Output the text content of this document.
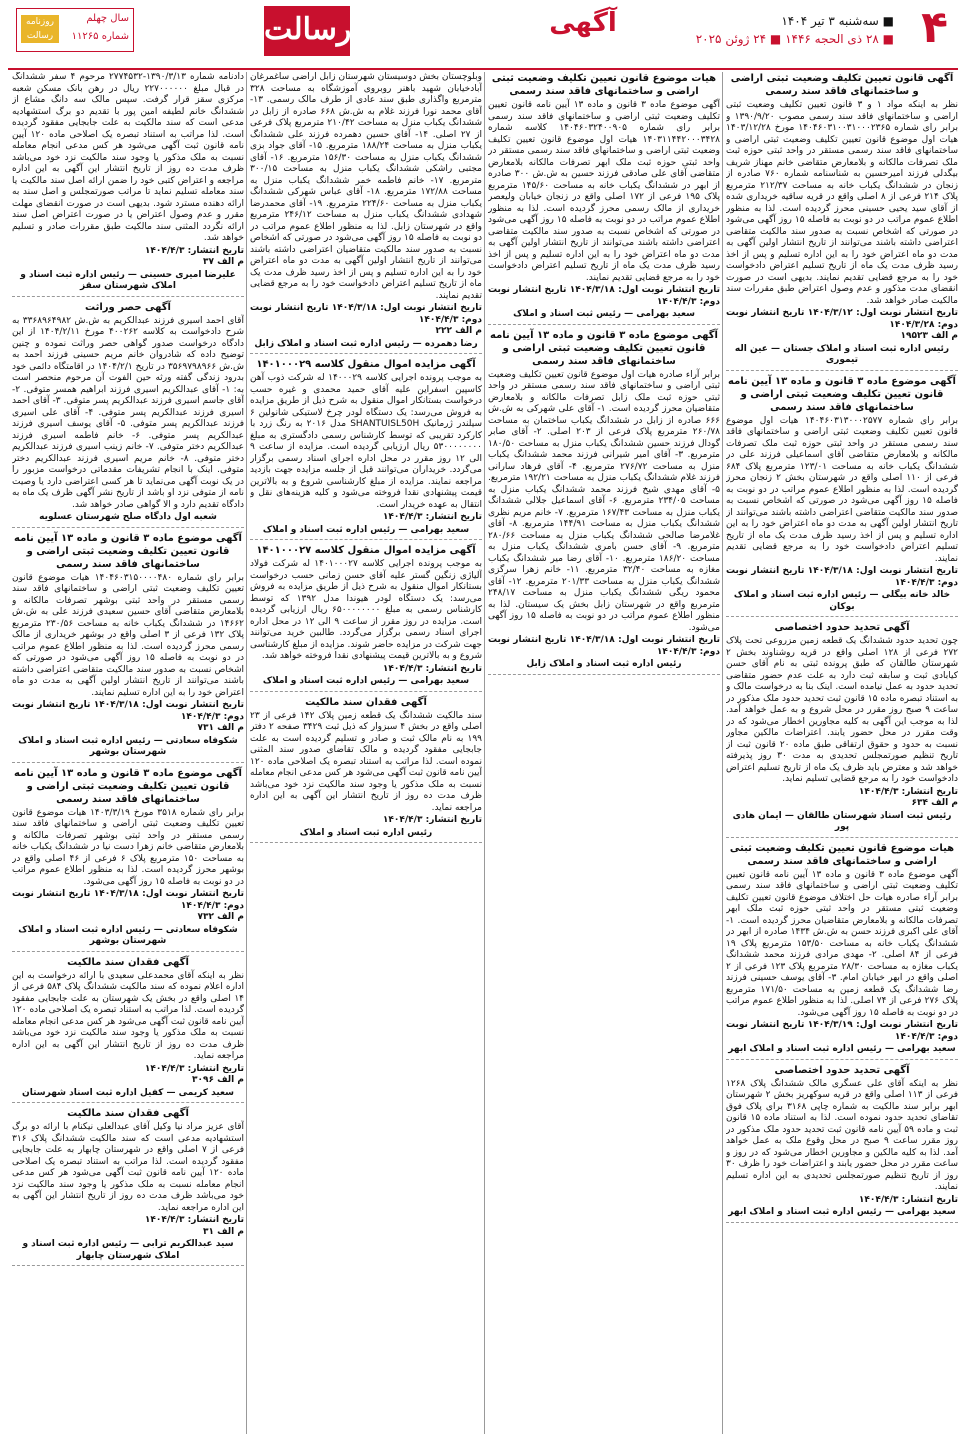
۴
■ سه‌شنبه ۳ تیر ۱۴۰۴
■ ۲۸ ذی الحجه ۱۴۴۶ ■ ۲۴ ژوئن ۲۰۲۵
آگهی
رسالت
روزنامه رسالت
سال چهلم
شماره ۱۱۲۶۵
آگهی قانون تعیین تکلیف وضعیت ثبتی اراضی و ساختمانهای فاقد سند رسمی
نظر به اینکه مواد ۱ و ۳ قانون تعیین تکلیف وضعیت ثبتی اراضی و ساختمانهای فاقد سند رسمی مصوب ۱۳۹۰/۹/۲۰ و برابر رای شماره ۱۴۰۴۶۰۳۱۰۰۳۱۰۰۰۲۳۶۵ مورخ ۱۴۰۳/۱۲/۲۸ هیات اول موضوع قانون تعیین تکلیف وضعیت ثبتی اراضی و ساختمانهای فاقد سند رسمی مستقر در واحد ثبتی حوزه ثبت ملک تصرفات مالکانه و بلامعارض متقاضی خانم مهناز شریف بیگدلی فرزند امیرحسین به شناسنامه شماره ۷۶۰ صادره از زنجان در ششدانگ یکباب خانه به مساحت ۲۱۲/۳۷ مترمربع پلاک ۲۱۴ فرعی از ۸ اصلی واقع در قریه ساقیه خریداری شده از آقای سید یحیی حسینی محرز گردیده است. لذا به منظور اطلاع عموم مراتب در دو نوبت به فاصله ۱۵ روز آگهی می‌شود در صورتی که اشخاص نسبت به صدور سند مالکیت متقاضی اعتراضی داشته باشند می‌توانند از تاریخ انتشار اولین آگهی به مدت دو ماه اعتراض خود را به این اداره تسلیم و پس از اخذ رسید ظرف مدت یک ماه از تاریخ تسلیم اعتراض دادخواست خود را به مرجع قضایی تقدیم نمایند. بدیهی است در صورت انقضای مدت مذکور و عدم وصول اعتراض طبق مقررات سند مالکیت صادر خواهد شد.
تاریخ انتشار نوبت اول: ۱۴۰۴/۳/۱۲ تاریخ انتشار نوبت دوم: ۱۴۰۴/۳/۲۸
م الف ۱۹۵۲۳
رئیس اداره ثبت اسناد و املاک جستان — عین اله تیموری
آگهی موضوع ماده ۳ قانون و ماده ۱۳ آیین نامه قانون تعیین تکلیف وضعیت ثبتی اراضی و ساختمانهای فاقد سند رسمی
برابر رای شماره ۱۴۰۴۶۰۳۱۳۰۰۰۲۵۷۷ هیات اول موضوع قانون تعیین تکلیف وضعیت ثبتی اراضی و ساختمانهای فاقد سند رسمی مستقر در واحد ثبتی حوزه ثبت ملک تصرفات مالکانه و بلامعارض متقاضی آقای اسماعیلی فرزند علی در ششدانگ یکباب خانه به مساحت ۱۲۳/۰۱ مترمربع پلاک ۶۸۴ فرعی از ۱۱۰ اصلی واقع در شهرستان بخش ۲ زنجان محرز گردیده است. لذا به منظور اطلاع عموم مراتب در دو نوبت به فاصله ۱۵ روز آگهی می‌شود در صورتی که اشخاص نسبت به صدور سند مالکیت متقاضی اعتراضی داشته باشند می‌توانند از تاریخ انتشار اولین آگهی به مدت دو ماه اعتراض خود را به این اداره تسلیم و پس از اخذ رسید ظرف مدت یک ماه از تاریخ تسلیم اعتراض دادخواست خود را به مرجع قضایی تقدیم نمایند.
تاریخ انتشار نوبت اول: ۱۴۰۴/۳/۱۸ تاریخ انتشار نوبت دوم: ۱۴۰۴/۴/۳
خالد خانه بیگلی — رئیس اداره ثبت اسناد و املاک بوکان
آگهی تحدید حدود اختصاصی
چون تحدید حدود ششدانگ یک قطعه زمین مزروعی تحت پلاک ۲۷۲ فرعی از ۱۲۸ اصلی واقع در قریه روشناوند بخش ۲ شهرستان طالقان که طبق پرونده ثبتی به نام آقای حسن کیابادی ثبت و سابقه ثبت دارد به علت عدم حضور متقاضی تحدید حدود به عمل نیامده است. اینک بنا به درخواست مالک و به استناد تبصره ماده ۱۵ قانون ثبت تحدید حدود ملک مذکور در ساعت ۹ صبح روز مقرر در محل شروع و به عمل خواهد آمد. لذا به موجب این آگهی به کلیه مجاورین اخطار می‌شود که در وقت مقرر در محل حضور یابند. اعتراضات مالکین مجاور نسبت به حدود و حقوق ارتفاقی طبق ماده ۲۰ قانون ثبت از تاریخ تنظیم صورتمجلس تحدیدی به مدت ۳۰ روز پذیرفته خواهد شد و معترض باید ظرف یک ماه از تاریخ تسلیم اعتراض دادخواست خود را به مرجع قضایی تسلیم نماید.
تاریخ انتشار: ۱۴۰۴/۴/۳
م الف ۶۳۴
رئیس ثبت اسناد شهرستان طالقان — ایمان هادی پور
هیات موضوع قانون تعیین تکلیف وضعیت ثبتی اراضی و ساختمانهای فاقد سند رسمی
آگهی موضوع ماده ۳ قانون و ماده ۱۳ آیین نامه قانون تعیین تکلیف وضعیت ثبتی اراضی و ساختمانهای فاقد سند رسمی برابر آراء صادره هیات حل اختلاف موضوع قانون تعیین تکلیف وضعیت ثبتی مستقر در واحد ثبتی حوزه ثبت ملک ابهر تصرفات مالکانه و بلامعارض متقاضیان محرز گردیده است. ۱- آقای علی اکبری فرزند حسن به ش.ش ۱۴۳۴ صادره از ابهر در ششدانگ یکباب خانه به مساحت ۱۵۳/۵۰ مترمربع پلاک ۱۹ فرعی از ۸۴ اصلی. ۲- مهدی مرادی فرزند محمد ششدانگ یکباب مغازه به مساحت ۲۸/۳۰ مترمربع پلاک ۱۲۳ فرعی از ۲ اصلی واقع در ابهر خیابان امام. ۳- آقای یوسف حسینی فرزند رضا ششدانگ یک قطعه زمین به مساحت ۱۷۱/۵۰ مترمربع پلاک ۲۷۶ فرعی از ۷۴ اصلی. لذا به منظور اطلاع عموم مراتب در دو نوبت به فاصله ۱۵ روز آگهی می‌شود.
تاریخ انتشار نوبت اول: ۱۴۰۴/۳/۱۹ تاریخ انتشار نوبت دوم: ۱۴۰۴/۴/۳
سعید بهرامی — رئیس اداره ثبت اسناد و املاک ابهر
آگهی تحدید حدود اختصاصی
نظر به اینکه آقای علی عسگری مالک ششدانگ پلاک ۱۲۶۸ فرعی از ۱۱۳ اصلی واقع در قریه سوکهریز بخش ۲ شهرستان ابهر برابر سند مالکیت به شماره چاپی ۳۱۶۸ برای پلاک فوق تقاضای تحدید حدود نموده است. لذا به استناد ماده ۱۵ قانون ثبت و ماده ۵۹ آیین نامه قانون ثبت تحدید حدود ملک مذکور در روز مقرر ساعت ۹ صبح در محل وقوع ملک به عمل خواهد آمد. لذا به کلیه مالکین و مجاورین اخطار می‌شود که در روز و ساعت مقرر در محل حضور یابند و اعتراضات خود را ظرف ۳۰ روز از تاریخ تنظیم صورتمجلس تحدیدی به این اداره تسلیم نمایند.
تاریخ انتشار: ۱۴۰۴/۴/۳
سعید بهرامی — رئیس اداره ثبت اسناد و املاک ابهر
هیات موضوع قانون تعیین تکلیف وضعیت ثبتی اراضی و ساختمانهای فاقد سند رسمی
آگهی موضوع ماده ۳ قانون و ماده ۱۳ آیین نامه قانون تعیین تکلیف وضعیت ثبتی اراضی و ساختمانهای فاقد سند رسمی برابر رای شماره ۱۴۰۴۶۰۳۲۴۰۰۹۰۵ کلاسه شماره ۱۴۰۳۱۱۴۴۲۰۰۰۳۴۲۸ هیات اول موضوع قانون تعیین تکلیف وضعیت ثبتی اراضی و ساختمانهای فاقد سند رسمی مستقر در واحد ثبتی حوزه ثبت ملک ابهر تصرفات مالکانه بلامعارض متقاضی آقای علی صادقی فرزند حسین به ش.ش ۳۰۰ صادره از ابهر در ششدانگ یکباب خانه به مساحت ۱۴۵/۶۰ مترمربع پلاک ۱۹۵ فرعی از ۱۷۲ اصلی واقع در زنجان خیابان ولیعصر خریداری از مالک رسمی محرز گردیده است. لذا به منظور اطلاع عموم مراتب در دو نوبت به فاصله ۱۵ روز آگهی می‌شود در صورتی که اشخاص نسبت به صدور سند مالکیت متقاضی اعتراضی داشته باشند می‌توانند از تاریخ انتشار اولین آگهی به مدت دو ماه اعتراض خود را به این اداره تسلیم و پس از اخذ رسید ظرف مدت یک ماه از تاریخ تسلیم اعتراض دادخواست خود را به مرجع قضایی تقدیم نمایند.
تاریخ انتشار نوبت اول: ۱۴۰۴/۳/۱۸ تاریخ انتشار نوبت دوم: ۱۴۰۴/۴/۳
سعید بهرامی — رئیس ثبت اسناد و املاک
آگهی موضوع ماده ۳ قانون و ماده ۱۳ آیین نامه قانون تعیین تکلیف وضعیت ثبتی اراضی و ساختمانهای فاقد سند رسمی
برابر آراء صادره هیات اول موضوع قانون تعیین تکلیف وضعیت ثبتی اراضی و ساختمانهای فاقد سند رسمی مستقر در واحد ثبتی حوزه ثبت ملک زابل تصرفات مالکانه و بلامعارض متقاضیان محرز گردیده است. ۱- آقای علی شهرکی به ش.ش ۶۶۶ صادره از زابل در ششدانگ یکباب ساختمان به مساحت ۲۶۰/۷۸ مترمربع پلاک فرعی از ۲۰۳ اصلی. ۲- آقای صابر گودال فرزند حسین ششدانگ یکباب منزل به مساحت ۱۸۰/۵۰ مترمربع. ۳- آقای امیر شیرانی فرزند محمد ششدانگ یکباب منزل به مساحت ۲۷۶/۷۲ مترمربع. ۴- آقای فرهاد سارانی فرزند غلام ششدانگ یکباب منزل به مساحت ۱۹۲/۲۱ مترمربع. ۵- آقای مهدی شیخ فرزند محمد ششدانگ یکباب منزل به مساحت ۲۳۴/۰۵ مترمربع. ۶- آقای اسماعیل جلالی ششدانگ یکباب منزل به مساحت ۱۶۷/۴۳ مترمربع. ۷- خانم مریم نظری ششدانگ یکباب منزل به مساحت ۱۴۴/۹۱ مترمربع. ۸- آقای غلامرضا صالحی ششدانگ یکباب منزل به مساحت ۲۸۰/۶۶ مترمربع. ۹- آقای حسن بامری ششدانگ یکباب منزل به مساحت ۱۸۶/۲۰ مترمربع. ۱۰- آقای رضا میر ششدانگ یکباب مغازه به مساحت ۳۲/۴۰ مترمربع. ۱۱- خانم زهرا سرگزی ششدانگ یکباب منزل به مساحت ۲۰۱/۳۳ مترمربع. ۱۲- آقای محمود ریگی ششدانگ یکباب منزل به مساحت ۲۴۸/۱۷ مترمربع واقع در شهرستان زابل بخش یک سیستان. لذا به منظور اطلاع عموم مراتب در دو نوبت به فاصله ۱۵ روز آگهی می‌شود.
تاریخ انتشار نوبت اول: ۱۴۰۴/۳/۱۸ تاریخ انتشار نوبت دوم: ۱۴۰۴/۴/۳
رئیس اداره ثبت اسناد و املاک زابل
وبلوچستان بخش دوسیستان شهرستان زابل اراضی ساغمرغان آبادخیابان شهید باهنر روبروی آموزشگاه به مساحت ۳۲۸ مترمربع واگذاری طبق سند عادی از طرف مالک رسمی. ۱۳- آقای محمد نورا فرزند غلام به ش.ش ۶۶۸ صادره از زابل در ششدانگ یکباب منزل به مساحت ۲۱۰/۴۲ مترمربع پلاک فرعی از ۲۷ اصلی. ۱۴- آقای حسین دهمرده فرزند علی ششدانگ یکباب منزل به مساحت ۱۸۸/۲۴ مترمربع. ۱۵- آقای جواد بزی ششدانگ یکباب منزل به مساحت ۱۵۶/۳۰ مترمربع. ۱۶- آقای مجتبی راشکی ششدانگ یکباب منزل به مساحت ۳۰۰/۱۵ مترمربع. ۱۷- خانم فاطمه خمر ششدانگ یکباب منزل به مساحت ۱۷۲/۸۸ مترمربع. ۱۸- آقای عباس شهرکی ششدانگ یکباب منزل به مساحت ۲۲۴/۶۰ مترمربع. ۱۹- آقای محمدرضا شهدادی ششدانگ یکباب منزل به مساحت ۲۴۶/۱۲ مترمربع واقع در شهرستان زابل. لذا به منظور اطلاع عموم مراتب در دو نوبت به فاصله ۱۵ روز آگهی می‌شود در صورتی که اشخاص نسبت به صدور سند مالکیت متقاضیان اعتراضی داشته باشند می‌توانند از تاریخ انتشار اولین آگهی به مدت دو ماه اعتراض خود را به این اداره تسلیم و پس از اخذ رسید ظرف مدت یک ماه از تاریخ تسلیم اعتراض دادخواست خود را به مرجع قضایی تقدیم نمایند.
تاریخ انتشار نوبت اول: ۱۴۰۴/۳/۱۸ تاریخ انتشار نوبت دوم: ۱۴۰۴/۴/۳
م الف ۲۲۲
رضا دهمرده — رئیس اداره ثبت اسناد و املاک زابل
آگهی مزایده اموال منقول کلاسه ۱۴۰۱۰۰۰۲۹
به موجب پرونده اجرایی کلاسه ۱۴۰۰۰۲۹ له شرکت ذوب آهن کاسپین اسفراین علیه آقای حمید محمدی و غیره حسب درخواست بستانکار اموال منقول به شرح ذیل از طریق مزایده به فروش می‌رسد: یک دستگاه لودر چرخ لاستیکی شانولین ۶ سیلندر ژرمانیک SHANTUISL50H مدل ۲۰۱۶ به رنگ زرد با کارکرد تقریبی که توسط کارشناس رسمی دادگستری به مبلغ ۵۳۰۰۰۰۰۰۰۰ ریال ارزیابی گردیده است. مزایده از ساعت ۹ الی ۱۲ روز مقرر در محل اداره اجرای اسناد رسمی برگزار می‌گردد. خریداران می‌توانند قبل از جلسه مزایده جهت بازدید مراجعه نمایند. مزایده از مبلغ کارشناسی شروع و به بالاترین قیمت پیشنهادی نقدا فروخته می‌شود و کلیه هزینه‌های نقل و انتقال به عهده خریدار است.
تاریخ انتشار: ۱۴۰۴/۴/۳
سعید بهرامی — رئیس اداره ثبت اسناد و املاک
آگهی مزایده اموال منقول کلاسه ۱۴۰۱۰۰۰۲۷
به موجب پرونده اجرایی کلاسه ۱۴۰۱۰۰۰۲۷ له شرکت فولاد آلیاژی زنگین گستر علیه آقای حسن زمانی حسب درخواست بستانکار اموال منقول به شرح ذیل از طریق مزایده به فروش می‌رسد: یک دستگاه لودر هیوندا مدل ۱۳۹۲ که توسط کارشناس رسمی به مبلغ ۶۵۰۰۰۰۰۰۰۰ ریال ارزیابی گردیده است. مزایده در روز مقرر از ساعت ۹ الی ۱۲ در محل اداره اجرای اسناد رسمی برگزار می‌گردد. طالبین خرید می‌توانند جهت شرکت در مزایده حاضر شوند. مزایده از مبلغ کارشناسی شروع و به بالاترین قیمت پیشنهادی نقدا فروخته خواهد شد.
تاریخ انتشار: ۱۴۰۴/۴/۳
سعید بهرامی — رئیس اداره ثبت اسناد و املاک
آگهی فقدان سند مالکیت
سند مالکیت ششدانگ یک قطعه زمین پلاک ۱۴۲ فرعی از ۲۳ اصلی واقع در بخش ۴ سبزوار که ذیل ثبت ۳۴۲۹ صفحه ۲ دفتر ۱۹۹ به نام مالک ثبت و صادر و تسلیم گردیده است به علت جابجایی مفقود گردیده و مالک تقاضای صدور سند المثنی نموده است. لذا مراتب به استناد تبصره یک اصلاحی ماده ۱۲۰ آیین نامه قانون ثبت آگهی می‌شود هر کس مدعی انجام معامله نسبت به ملک مذکور یا وجود سند مالکیت نزد خود می‌باشد ظرف مدت ده روز از تاریخ انتشار این آگهی به این اداره مراجعه نماید.
تاریخ انتشار: ۱۴۰۴/۴/۳
رئیس اداره ثبت اسناد و املاک
دادنامه شماره ۱۳۹۰/۳/۱۳-۲۷۷۴۵۳۲ مرحوم ۴ سفر ششدانگ در قبال مبلغ ۲۲۷۰۰۰۰۰۰ ریال در رهن بانک مسکن شعبه مرکزی سقز قرار گرفت. سپس مالک سه دانگ مشاع از ششدانگ خانم لطیفه امین پور با تقدیم دو برگ استشهادیه مدعی است که سند مالکیت به علت جابجایی مفقود گردیده است. لذا مراتب به استناد تبصره یک اصلاحی ماده ۱۲۰ آیین نامه قانون ثبت آگهی می‌شود هر کس مدعی انجام معامله نسبت به ملک مذکور یا وجود سند مالکیت نزد خود می‌باشد ظرف مدت ده روز از تاریخ انتشار این آگهی به این اداره مراجعه و اعتراض کتبی خود را ضمن ارائه اصل سند مالکیت یا سند معامله تسلیم نماید تا مراتب صورتمجلس و اصل سند به ارائه دهنده مسترد شود. بدیهی است در صورت انقضای مهلت مقرر و عدم وصول اعتراض یا در صورت اعتراض اصل سند ارائه نگردد المثنی سند مالکیت طبق مقررات صادر و تسلیم خواهد شد.
تاریخ انتشار: ۱۴۰۴/۴/۳
م الف ۳۷
علیرضا امیری حسینی — رئیس اداره ثبت اسناد و املاک شهرستان سقز
آگهی حصر وراثت
آقای احمد اسیری فرزند عبدالکریم به ش.ش ۳۳۶۸۹۶۴۹۸۲ به شرح دادخواست به کلاسه ۴۰۰۲۶۲ مورخ ۱۴۰۴/۲/۱۱ از این دادگاه درخواست صدور گواهی حصر وراثت نموده و چنین توضیح داده که شادروان خانم مریم حسینی فرزند احمد به ش.ش ۳۵۶۹۷۹۸۹۶۶ در تاریخ ۱۴۰۴/۲/۱ در اقامتگاه دائمی خود بدرود زندگی گفته ورثه حین الفوت آن مرحوم منحصر است به: ۱- آقای عبدالکریم اسیری فرزند ابراهیم همسر متوفی. ۲- آقای جاسم اسیری فرزند عبدالکریم پسر متوفی. ۳- آقای احمد اسیری فرزند عبدالکریم پسر متوفی. ۴- آقای علی اسیری فرزند عبدالکریم پسر متوفی. ۵- آقای یوسف اسیری فرزند عبدالکریم پسر متوفی. ۶- خانم فاطمه اسیری فرزند عبدالکریم دختر متوفی. ۷- خانم زینب اسیری فرزند عبدالکریم دختر متوفی. ۸- خانم مریم اسیری فرزند عبدالکریم دختر متوفی. اینک با انجام تشریفات مقدماتی درخواست مزبور را در یک نوبت آگهی می‌نماید تا هر کسی اعتراضی دارد یا وصیت نامه از متوفی نزد او باشد از تاریخ نشر آگهی ظرف یک ماه به دادگاه تقدیم دارد و الا گواهی صادر خواهد شد.
شعبه اول دادگاه صلح شهرستان عسلویه
آگهی موضوع ماده ۳ قانون و ماده ۱۳ آیین نامه قانون تعیین تکلیف وضعیت ثبتی اراضی و ساختمانهای فاقد سند رسمی
برابر رای شماره ۱۴۰۴۶۰۳۱۵۰۰۰۰۴۸۰ هیات موضوع قانون تعیین تکلیف وضعیت ثبتی اراضی و ساختمانهای فاقد سند رسمی مستقر در واحد ثبتی بوشهر تصرفات مالکانه و بلامعارض متقاضی آقای حسین سعیدی فرزند علی به ش.ش ۱۴۶۶۲ در ششدانگ یکباب خانه به مساحت ۲۳۰/۵۶ مترمربع پلاک ۱۳۲ فرعی از ۳ اصلی واقع در بوشهر خریداری از مالک رسمی محرز گردیده است. لذا به منظور اطلاع عموم مراتب در دو نوبت به فاصله ۱۵ روز آگهی می‌شود در صورتی که اشخاص نسبت به صدور سند مالکیت متقاضی اعتراضی داشته باشند می‌توانند از تاریخ انتشار اولین آگهی به مدت دو ماه اعتراض خود را به این اداره تسلیم نمایند.
تاریخ انتشار نوبت اول: ۱۴۰۴/۳/۱۸ تاریخ انتشار نوبت دوم: ۱۴۰۴/۴/۳
م الف ۷۳۱
شکوفاه سعادتی — رئیس اداره ثبت اسناد و املاک شهرستان بوشهر
آگهی موضوع ماده ۳ قانون و ماده ۱۳ آیین نامه قانون تعیین تکلیف وضعیت ثبتی اراضی و ساختمانهای فاقد سند رسمی
برابر رای شماره ۳۵۱۸ مورخ ۱۴۰۳/۳/۱۹ هیات موضوع قانون تعیین تکلیف وضعیت ثبتی اراضی و ساختمانهای فاقد سند رسمی مستقر در واحد ثبتی بوشهر تصرفات مالکانه و بلامعارض متقاضی خانم زهرا دست نیا در ششدانگ یکباب خانه به مساحت ۱۵۰ مترمربع پلاک ۶ فرعی از ۴۶ اصلی واقع در بوشهر محرز گردیده است. لذا به منظور اطلاع عموم مراتب در دو نوبت به فاصله ۱۵ روز آگهی می‌شود.
تاریخ انتشار نوبت اول: ۱۴۰۴/۳/۱۸ تاریخ انتشار نوبت دوم: ۱۴۰۴/۴/۳
م الف ۷۳۲
شکوفاه سعادتی — رئیس اداره ثبت اسناد و املاک شهرستان بوشهر
آگهی فقدان سند مالکیت
نظر به اینکه آقای محمدعلی سعیدی با ارائه درخواست به این اداره اعلام نموده که سند مالکیت ششدانگ پلاک ۵۸۴ فرعی از ۱۴ اصلی واقع در بخش یک شهرستان به علت جابجایی مفقود گردیده است. لذا مراتب به استناد تبصره یک اصلاحی ماده ۱۲۰ آیین نامه قانون ثبت آگهی می‌شود هر کس مدعی انجام معامله نسبت به ملک مذکور یا وجود سند مالکیت نزد خود می‌باشد ظرف مدت ده روز از تاریخ انتشار این آگهی به این اداره مراجعه نماید.
تاریخ انتشار: ۱۴۰۴/۴/۳
م الف ۳۰۹۶
سعید کریمی — کفیل اداره ثبت اسناد شهرستان
آگهی فقدان سند مالکیت
آقای عزیز مراد نیا وکیل آقای عبدالعلی نیکنام با ارائه دو برگ استشهادیه مدعی است که سند مالکیت ششدانگ پلاک ۳۱۶ فرعی از ۷ اصلی واقع در شهرستان چابهار به علت جابجایی مفقود گردیده است. لذا مراتب به استناد تبصره یک اصلاحی ماده ۱۲۰ آیین نامه قانون ثبت آگهی می‌شود هر کس مدعی انجام معامله نسبت به ملک مذکور یا وجود سند مالکیت نزد خود می‌باشد ظرف مدت ده روز از تاریخ انتشار این آگهی به این اداره مراجعه نماید.
تاریخ انتشار: ۱۴۰۴/۴/۳
م الف ۳۱
سید عبدالکریم ترابی — رئیس اداره ثبت اسناد و املاک شهرستان چابهار
